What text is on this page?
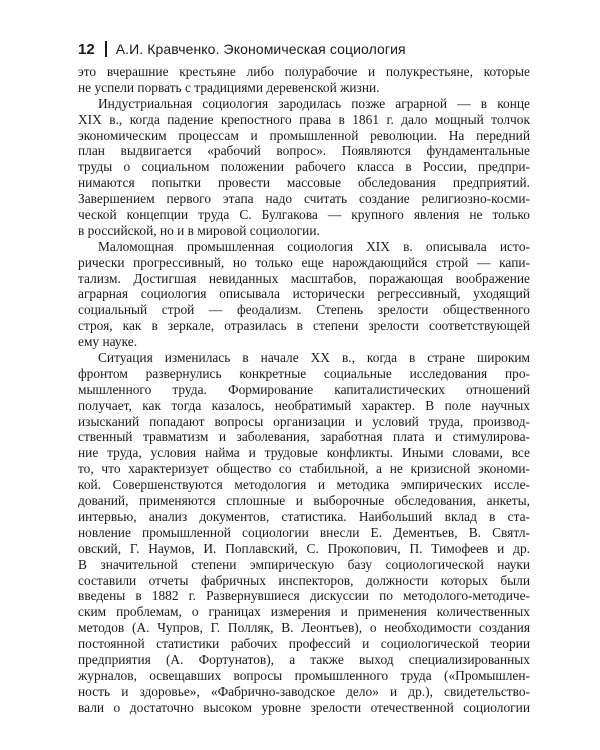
12 А.И. Кравченко. Экономическая социология
это вчерашние крестьяне либо полурабочие и полукрестьяне, которые
не успели порвать с традициями деревенской жизни.
Индустриальная социология зародилась позже аграрной — в конце
XIX в., когда падение крепостного права в 1861 г. дало мощный толчок
экономическим процессам и промышленной революции. На передний
план выдвигается «рабочий вопрос». Появляются фундаментальные
труды о социальном положении рабочего класса в России, предпри-
нимаются попытки провести массовые обследования предприятий.
Завершением первого этапа надо считать создание религиозно-косми-
ческой концепции труда С. Булгакова — крупного явления не только
в российской, но и в мировой социологии.
Маломощная промышленная социология XIX в. описывала истo-
рически прогрессивный, но только еще нарождающийся строй — капи-
тализм. Достигшая невиданных масштабов, поражающая воображение
аграрная социология описывала исторически регрессивный, уходящий
социальный строй — феодализм. Степень зрелости общественного
строя, как в зеркале, отразилась в степени зрелости соответствующей
ему науке.
Ситуация изменилась в начале XX в., когда в стране широким
фронтом развернулись конкретные социальные исследования про-
мышленного труда. Формирование капиталистических отношений
получает, как тогда казалось, необратимый характер. В поле научных
изысканий попадают вопросы организации и условий труда, производ-
ственный травматизм и заболевания, заработная плата и стимулирова-
ние труда, условия найма и трудовые конфликты. Иными словами, все
то, что характеризует общество со стабильной, а не кризисной экономи-
кой. Совершенствуются методология и методика эмпирических иссле-
дований, применяются сплошные и выборочные обследования, анкеты,
интервью, анализ документов, статистика. Наибольший вклад в ста-
новление промышленной социологии внесли Е. Дементьев, В. Святл-
овский, Г. Наумов, И. Поплавский, С. Прокопович, П. Тимофеев и др.
В значительной степени эмпирическую базу социологической науки
составили отчеты фабричных инспекторов, должности которых были
введены в 1882 г. Развернувшиеся дискуссии по методолого-методиче-
ским проблемам, о границах измерения и применения количественных
методов (А. Чупров, Г. Полляк, В. Леонтьев), о необходимости создания
постоянной статистики рабочих профессий и социологической теории
предприятия (А. Фортунатов), а также выход специализированных
журналов, освещавших вопросы промышленного труда («Промышлен-
ность и здоровье», «Фабрично-заводское дело» и др.), свидетельство-
вали о достаточно высоком уровне зрелости отечественной социологии
